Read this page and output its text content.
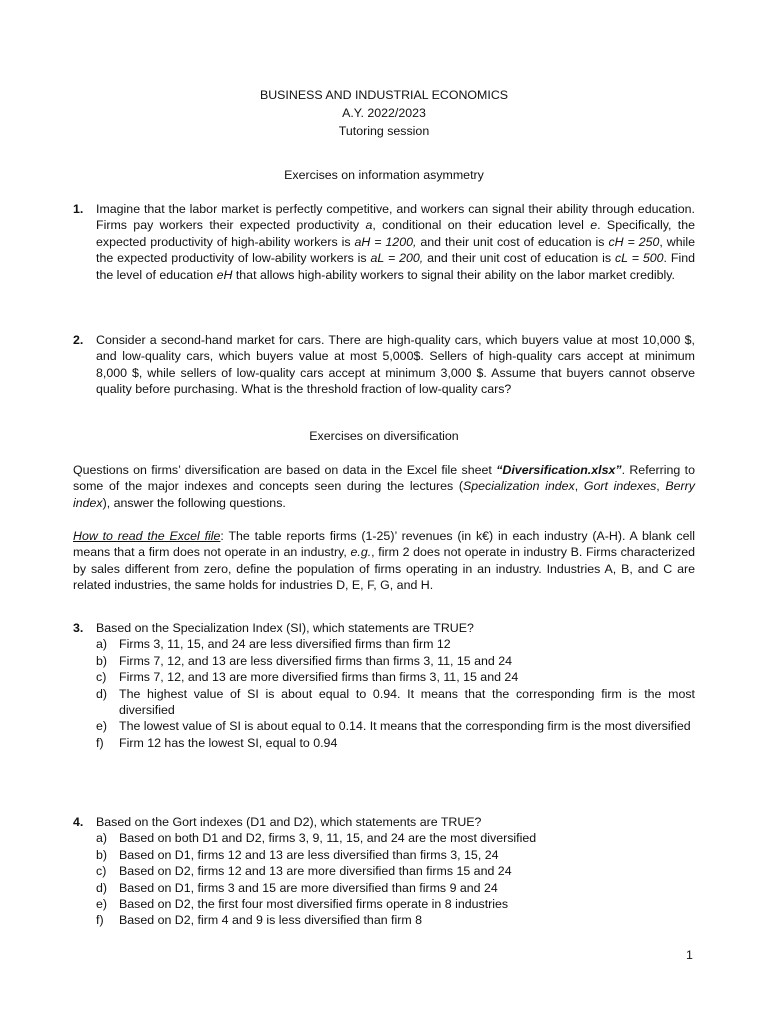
BUSINESS AND INDUSTRIAL ECONOMICS
A.Y. 2022/2023
Tutoring session
Exercises on information asymmetry
1. Imagine that the labor market is perfectly competitive, and workers can signal their ability through education. Firms pay workers their expected productivity a, conditional on their education level e. Specifically, the expected productivity of high-ability workers is aH = 1200, and their unit cost of education is cH = 250, while the expected productivity of low-ability workers is aL = 200, and their unit cost of education is cL = 500. Find the level of education eH that allows high-ability workers to signal their ability on the labor market credibly.
2. Consider a second-hand market for cars. There are high-quality cars, which buyers value at most 10,000 $, and low-quality cars, which buyers value at most 5,000$. Sellers of high-quality cars accept at minimum 8,000 $, while sellers of low-quality cars accept at minimum 3,000 $. Assume that buyers cannot observe quality before purchasing. What is the threshold fraction of low-quality cars?
Exercises on diversification
Questions on firms’ diversification are based on data in the Excel file sheet “Diversification.xlsx”. Referring to some of the major indexes and concepts seen during the lectures (Specialization index, Gort indexes, Berry index), answer the following questions.
How to read the Excel file: The table reports firms (1-25)’ revenues (in k€) in each industry (A-H). A blank cell means that a firm does not operate in an industry, e.g., firm 2 does not operate in industry B. Firms characterized by sales different from zero, define the population of firms operating in an industry. Industries A, B, and C are related industries, the same holds for industries D, E, F, G, and H.
3. Based on the Specialization Index (SI), which statements are TRUE?
a) Firms 3, 11, 15, and 24 are less diversified firms than firm 12
b) Firms 7, 12, and 13 are less diversified firms than firms 3, 11, 15 and 24
c) Firms 7, 12, and 13 are more diversified firms than firms 3, 11, 15 and 24
d) The highest value of SI is about equal to 0.94. It means that the corresponding firm is the most diversified
e) The lowest value of SI is about equal to 0.14. It means that the corresponding firm is the most diversified
f) Firm 12 has the lowest SI, equal to 0.94
4. Based on the Gort indexes (D1 and D2), which statements are TRUE?
a) Based on both D1 and D2, firms 3, 9, 11, 15, and 24 are the most diversified
b) Based on D1, firms 12 and 13 are less diversified than firms 3, 15, 24
c) Based on D2, firms 12 and 13 are more diversified than firms 15 and 24
d) Based on D1, firms 3 and 15 are more diversified than firms 9 and 24
e) Based on D2, the first four most diversified firms operate in 8 industries
f) Based on D2, firm 4 and 9 is less diversified than firm 8
1
